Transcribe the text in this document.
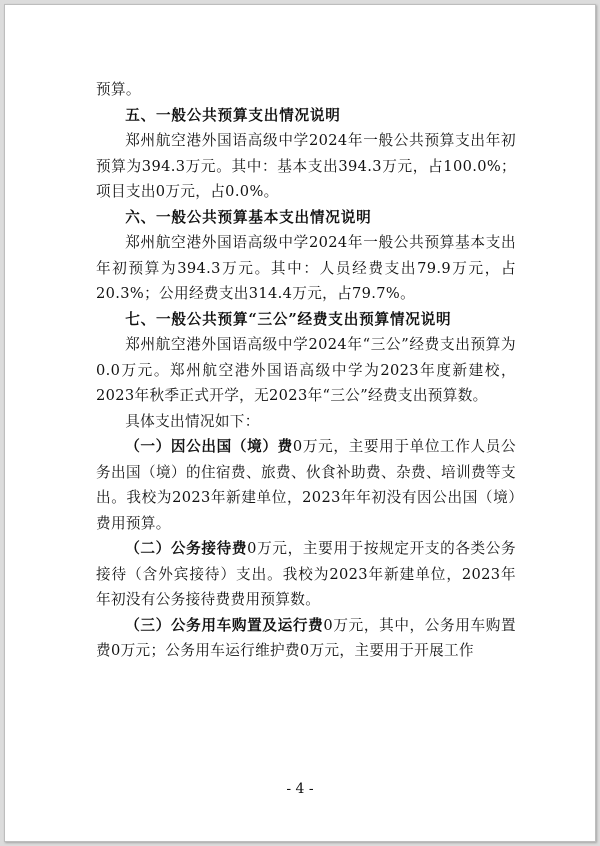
预算。

五、一般公共预算支出情况说明

郑州航空港外国语高级中学2024年一般公共预算支出年初预算为394.3万元。其中：基本支出394.3万元，占100.0%；项目支出0万元，占0.0%。

六、一般公共预算基本支出情况说明

郑州航空港外国语高级中学2024年一般公共预算基本支出年初预算为394.3万元。其中：人员经费支出79.9万元，占20.3%；公用经费支出314.4万元，占79.7%。

七、一般公共预算“三公”经费支出预算情况说明

郑州航空港外国语高级中学2024年“三公”经费支出预算为0.0万元。郑州航空港外国语高级中学为2023年度新建校，2023年秋季正式开学，无2023年“三公”经费支出预算数。

具体支出情况如下：

（一）因公出国（境）费0万元，主要用于单位工作人员公务出国（境）的住宿费、旅费、伙食补助费、杂费、培训费等支出。我校为2023年新建单位，2023年年初没有因公出国（境）费用预算。

（二）公务接待费0万元，主要用于按规定开支的各类公务接待（含外宾接待）支出。我校为2023年新建单位，2023年年初没有公务接待费费用预算数。

（三）公务用车购置及运行费0万元，其中，公务用车购置费0万元；公务用车运行维护费0万元，主要用于开展工作

- 4 -
